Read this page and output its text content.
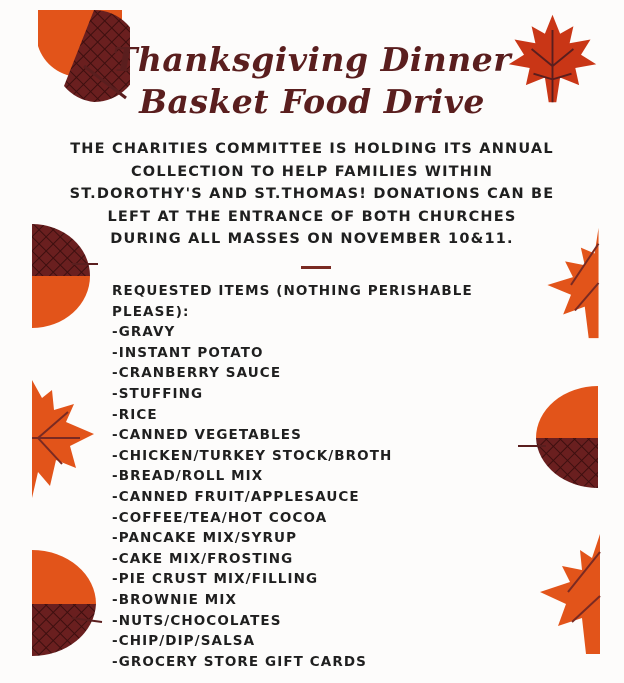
Thanksgiving Dinner
Basket Food Drive
THE CHARITIES COMMITTEE IS HOLDING ITS ANNUAL
COLLECTION TO HELP FAMILIES WITHIN
ST.DOROTHY'S AND ST.THOMAS! DONATIONS CAN BE
LEFT AT THE ENTRANCE OF BOTH CHURCHES
DURING ALL MASSES ON NOVEMBER 10&11.
REQUESTED ITEMS (NOTHING PERISHABLE
PLEASE):
-GRAVY
-INSTANT POTATO
-CRANBERRY SAUCE
-STUFFING
-RICE
-CANNED VEGETABLES
-CHICKEN/TURKEY STOCK/BROTH
-BREAD/ROLL MIX
-CANNED FRUIT/APPLESAUCE
-COFFEE/TEA/HOT COCOA
-PANCAKE MIX/SYRUP
-CAKE MIX/FROSTING
-PIE CRUST MIX/FILLING
-BROWNIE MIX
-NUTS/CHOCOLATES
-CHIP/DIP/SALSA
-GROCERY STORE GIFT CARDS
